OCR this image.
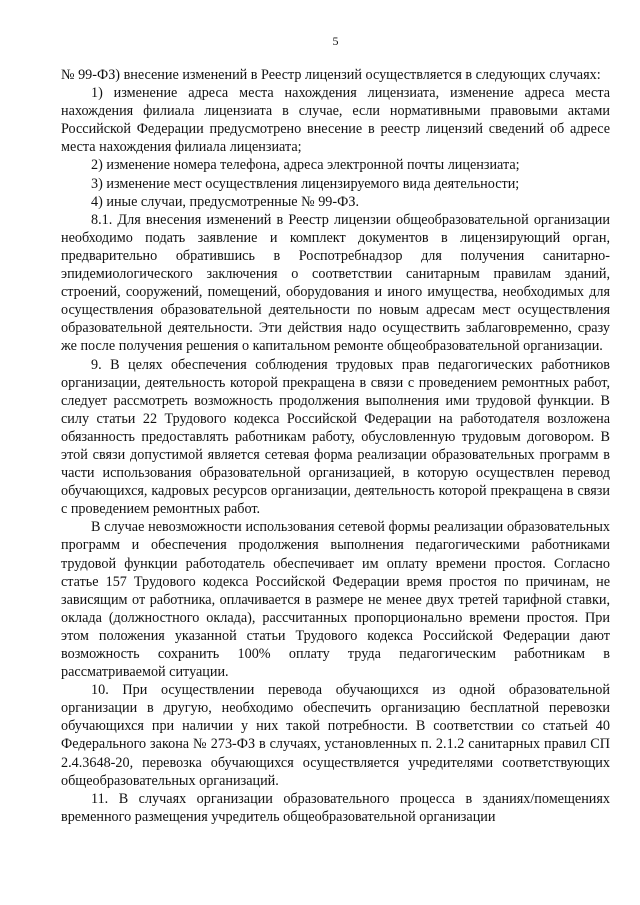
5

№ 99-ФЗ) внесение изменений в Реестр лицензий осуществляется в следующих случаях:

1) изменение адреса места нахождения лицензиата, изменение адреса места нахождения филиала лицензиата в случае, если нормативными правовыми актами Российской Федерации предусмотрено внесение в реестр лицензий сведений об адресе места нахождения филиала лицензиата;

2) изменение номера телефона, адреса электронной почты лицензиата;

3) изменение мест осуществления лицензируемого вида деятельности;

4) иные случаи, предусмотренные № 99-ФЗ.

8.1. Для внесения изменений в Реестр лицензии общеобразовательной организации необходимо подать заявление и комплект документов в лицензирующий орган, предварительно обратившись в Роспотребнадзор для получения санитарно-эпидемиологического заключения о соответствии санитарным правилам зданий, строений, сооружений, помещений, оборудования и иного имущества, необходимых для осуществления образовательной деятельности по новым адресам мест осуществления образовательной деятельности. Эти действия надо осуществить заблаговременно, сразу же после получения решения о капитальном ремонте общеобразовательной организации.

9. В целях обеспечения соблюдения трудовых прав педагогических работников организации, деятельность которой прекращена в связи с проведением ремонтных работ, следует рассмотреть возможность продолжения выполнения ими трудовой функции. В силу статьи 22 Трудового кодекса Российской Федерации на работодателя возложена обязанность предоставлять работникам работу, обусловленную трудовым договором. В этой связи допустимой является сетевая форма реализации образовательных программ в части использования образовательной организацией, в которую осуществлен перевод обучающихся, кадровых ресурсов организации, деятельность которой прекращена в связи с проведением ремонтных работ.

В случае невозможности использования сетевой формы реализации образовательных программ и обеспечения продолжения выполнения педагогическими работниками трудовой функции работодатель обеспечивает им оплату времени простоя. Согласно статье 157 Трудового кодекса Российской Федерации время простоя по причинам, не зависящим от работника, оплачивается в размере не менее двух третей тарифной ставки, оклада (должностного оклада), рассчитанных пропорционально времени простоя. При этом положения указанной статьи Трудового кодекса Российской Федерации дают возможность сохранить 100% оплату труда педагогическим работникам в рассматриваемой ситуации.

10. При осуществлении перевода обучающихся из одной образовательной организации в другую, необходимо обеспечить организацию бесплатной перевозки обучающихся при наличии у них такой потребности. В соответствии со статьей 40 Федерального закона № 273-ФЗ в случаях, установленных п. 2.1.2 санитарных правил СП 2.4.3648-20, перевозка обучающихся осуществляется учредителями соответствующих общеобразовательных организаций.

11. В случаях организации образовательного процесса в зданиях/помещениях временного размещения учредитель общеобразовательной организации
